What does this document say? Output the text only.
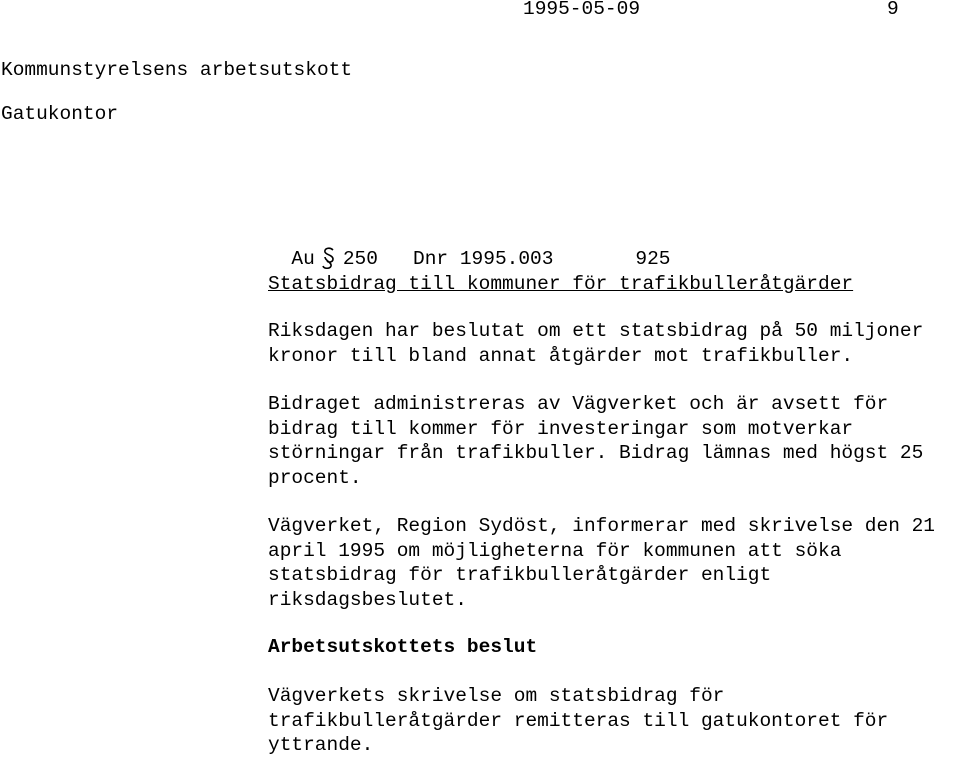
1995-05-09	9
Kommunstyrelsens arbetsutskott
Gatukontor

Au 250 Dnr 1995.003	925

Statsbidrag till kommuner för trafikbulleråtgärder

Riksdagen har beslutat om ett statsbidrag på 50 miljoner
kronor till bland annat åtgärder mot trafikbuller.

Bidraget administreras av Vägverket och är avsett för
bidrag till kommer för investeringar som motverkar
störningar från trafikbuller. Bidrag lämnas med högst 25
procent.

Vägverket, Region Sydöst, informerar med skrivelse den 21
april 1995 om möjligheterna för kommunen att söka
statsbidrag för trafikbulleråtgärder enligt
riksdagsbeslutet.

Arbetsutskottets beslut

Vägverkets skrivelse om statsbidrag för
trafikbulleråtgärder remitteras till gatukontoret för
yttrande.
